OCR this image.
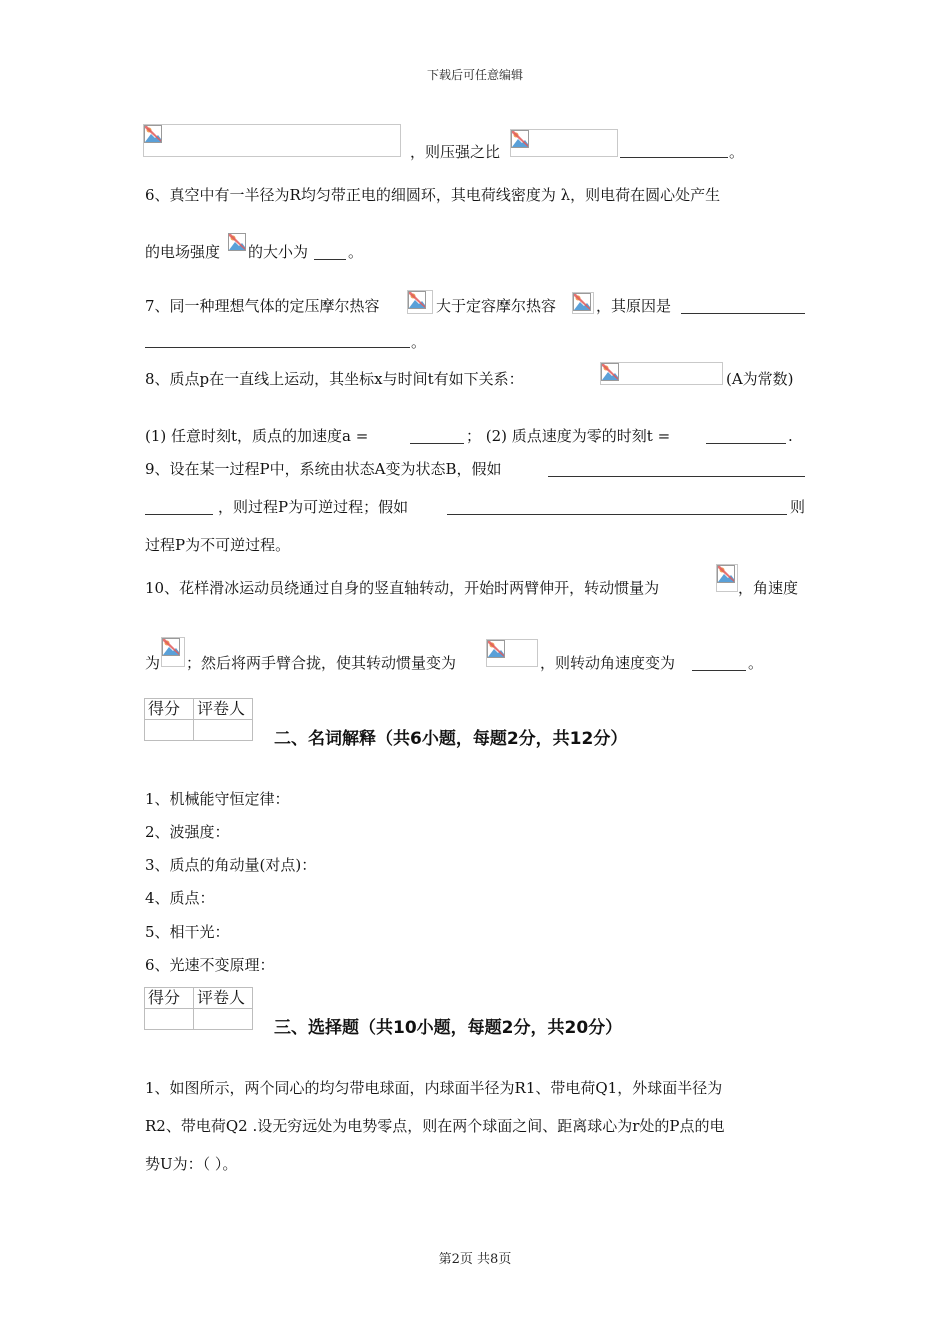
下载后可任意编辑
，则压强之比	。
6、真空中有一半径为R均匀带正电的细圆环，其电荷线密度为 λ，则电荷在圆心处产生
的电场强度 的大小为	。
7、同一种理想气体的定压摩尔热容	大于定容摩尔热容	，其原因是
。
8、质点p在一直线上运动，其坐标x与时间t有如下关系：	(A为常数)
(1) 任意时刻t，质点的加速度a =	； (2) 质点速度为零的时刻t =	.
9、设在某一过程P中，系统由状态A变为状态B，假如
，则过程P为可逆过程；假如	则
过程P为不可逆过程。
10、花样滑冰运动员绕通过自身的竖直轴转动，开始时两臂伸开，转动惯量为	，角速度
为 ；然后将两手臂合拢，使其转动惯量变为	，则转动角速度变为	。
得分	评卷人

二、名词解释（共6小题，每题2分，共12分）
1、机械能守恒定律：
2、波强度：
3、质点的角动量(对点)：
4、质点：
5、相干光：
6、光速不变原理：
得分	评卷人

三、选择题（共10小题，每题2分，共20分）
1、如图所示，两个同心的均匀带电球面，内球面半径为R1、带电荷Q1，外球面半径为
R2、带电荷Q2 .设无穷远处为电势零点，则在两个球面之间、距离球心为r处的P点的电
势U为：（ ）。
第2页 共8页
